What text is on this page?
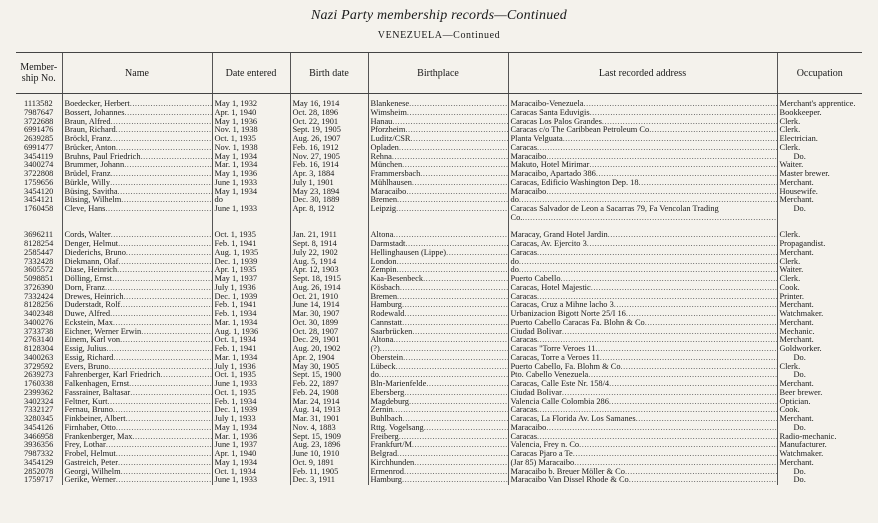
Nazi Party membership records—Continued
VENEZUELA—Continued
Member-ship No.	Name	Date entered	Birth date	Birthplace	Last recorded address	Occupation
1113582	Boedecker, Herbert .....	May 1, 1932	May 16, 1914	Blankenese .....	Maracaibo-Venezuela .....	Merchant's apprentice.
7987647	Bossert, Johannes .....	Apr. 1, 1940	Oct. 28, 1896	Wimsheim .....	Caracas Santa Eduvigis .....	Bookkeeper.
3722688	Braun, Alfred .....	May 1, 1936	Oct. 22, 1901	Hanau .....	Caracas Los Palos Grandes .....	Clerk.
6991476	Braun, Richard .....	Nov. 1, 1938	Sept. 19, 1905	Pforzheim .....	Caracas c/o The Caribbean Petroleum Co .....	Clerk.
2639285	Bröckl, Franz .....	Oct. 1, 1935	Aug. 26, 1907	Luditz/CSR .....	Planta Velguata .....	Electrician.
6991477	Brücker, Anton .....	Nov. 1, 1938	Feb. 16, 1912	Opladen .....	Caracas .....	Clerk.
3454119	Bruhns, Paul Friedrich .....	May 1, 1934	Nov. 27, 1905	Rehna .....	Maracaibo .....	Do.
3400274	Brummer, Johann .....	Mar. 1, 1934	Feb. 16, 1914	München .....	Makuto, Hotel Mirimar .....	Waiter.
3722808	Brüdel, Franz .....	May 1, 1936	Apr. 3, 1884	Frammersbach .....	Maracaibo, Apartado 386 .....	Master brewer.
1759656	Bürkle, Willy .....	June 1, 1933	July 1, 1901	Mühlhausen .....	Caracas, Edificio Washington Dep. 18 .....	Merchant.
3454120	Büsing, Savitha .....	May 1, 1934	May 23, 1894	Maracaibo .....	Maracaibo .....	Housewife.
3454121	Büsing, Wilhelm .....	do	Dec. 30, 1889	Bremen .....	do .....	Merchant.
1760458	Cleve, Hans .....	June 1, 1933	Apr. 8, 1912	Leipzig .....	Caracas Salvador de Leon a Sacarras 79, Fa Vencolan Trading Co. .....	Do.
3696211	Cords, Walter .....	Oct. 1, 1935	Jan. 21, 1911	Altona .....	Maracay, Grand Hotel Jardin .....	Clerk.
8128254	Denger, Helmut .....	Feb. 1, 1941	Sept. 8, 1914	Darmstadt .....	Caracas, Av. Ejercito 3 .....	Propagandist.
2585447	Diederichs, Bruno .....	Aug. 1, 1935	July 22, 1902	Hellinghausen (Lippe) .....	Caracas .....	Merchant.
7332428	Diekmann, Olaf .....	Dec. 1, 1939	Aug. 5, 1914	London .....	do .....	Clerk.
3605572	Diase, Heinrich .....	Apr. 1, 1935	Apr. 12, 1903	Zempin .....	do .....	Waiter.
5098851	Dölling, Ernst .....	May 1, 1937	Sept. 18, 1915	Kaa-Besenbeck .....	Puerto Cabello .....	Clerk.
3726390	Dorn, Franz .....	July 1, 1936	Aug. 26, 1914	Kösbach .....	Caracas, Hotel Majestic .....	Cook.
7332424	Drewes, Heinrich .....	Dec. 1, 1939	Oct. 21, 1910	Bremen .....	Caracas .....	Printer.
8128256	Duderstadt, Rolf .....	Feb. 1, 1941	June 14, 1914	Hamburg .....	Caracas, Cruz a Mihne lacho 3 .....	Merchant.
3402348	Duwe, Alfred .....	Feb. 1, 1934	Mar. 30, 1907	Rodewald .....	Urbanizacion Bigott Norte 25/I 16 .....	Watchmaker.
3400276	Eckstein, Max .....	Mar. 1, 1934	Oct. 30, 1899	Cannstatt .....	Puerto Cabello Caracas Fa. Blohn & Co .....	Merchant.
3733738	Eichner, Werner Erwin .....	Aug. 1, 1936	Oct. 28, 1907	Saarbrücken .....	Ciudad Bolivar .....	Mechanic.
2763140	Einem, Karl von .....	Oct. 1, 1934	Dec. 29, 1901	Altona .....	Caracas .....	Merchant.
8128304	Essig, Julius .....	Feb. 1, 1941	Aug. 20, 1902	(?) .....	Caracas "Torre Veroes 11 .....	Goldworker.
3400263	Essig, Richard .....	Mar. 1, 1934	Apr. 2, 1904	Oberstein .....	Caracas, Torre a Veroes 11 .....	Do.
3729592	Evers, Bruno .....	July 1, 1936	May 30, 1905	Lübeck .....	Puerto Cabello, Fa. Blohm & Co .....	Clerk.
2639273	Fahrenberger, Karl Friedrich .....	Oct. 1, 1935	Sept. 15, 1900	do .....	Pto. Cabello Venezuela .....	Do.
1760338	Falkenhagen, Ernst .....	June 1, 1933	Feb. 22, 1897	Bln-Marienfelde .....	Caracas, Calle Este Nr. 158/4 .....	Merchant.
2399362	Fassrainer, Baltasar .....	Oct. 1, 1935	Feb. 24, 1908	Ebersberg .....	Ciudad Bolivar .....	Beer brewer.
3402324	Feltner, Kurt .....	Feb. 1, 1934	Mar. 24, 1914	Magdeburg .....	Valencia Calle Colombia 286 .....	Optician.
7332127	Fernau, Bruno .....	Dec. 1, 1939	Aug. 14, 1913	Zernin .....	Caracas .....	Cook.
3280345	Finkbeiner, Albert .....	July 1, 1933	Mar. 31, 1901	Buhlbach .....	Caracas, La Florida Av. Los Samanes .....	Merchant.
3454126	Firnhaber, Otto .....	May 1, 1934	Nov. 4, 1883	Rttg. Vogelsang .....	Maracaibo .....	Do.
3466958	Frankenberger, Max .....	Mar. 1, 1936	Sept. 15, 1909	Freiberg .....	Caracas .....	Radio-mechanic.
3936356	Frey, Lothar .....	June 1, 1937	Aug. 23, 1896	Frankfurt/M .....	Valencia, Frey n. Co .....	Manufacturer.
7987332	Frobel, Helmut .....	Apr. 1, 1940	June 10, 1910	Belgrad .....	Caracas Pjaro a Te .....	Watchmaker.
3454129	Gastreich, Peter .....	May 1, 1934	Oct. 9, 1891	Kirchhunden .....	(Jar 85) Maracaibo .....	Merchant.
2852078	Georgi, Wilhelm .....	Oct. 1, 1934	Feb. 11, 1905	Ermenrod .....	Maracaibo b. Breuer Möller & Co .....	Do.
1759717	Gerike, Werner .....	June 1, 1933	Dec. 3, 1911	Hamburg .....	Maracaibo Van Dissel Rhode & Co .....	Do.
